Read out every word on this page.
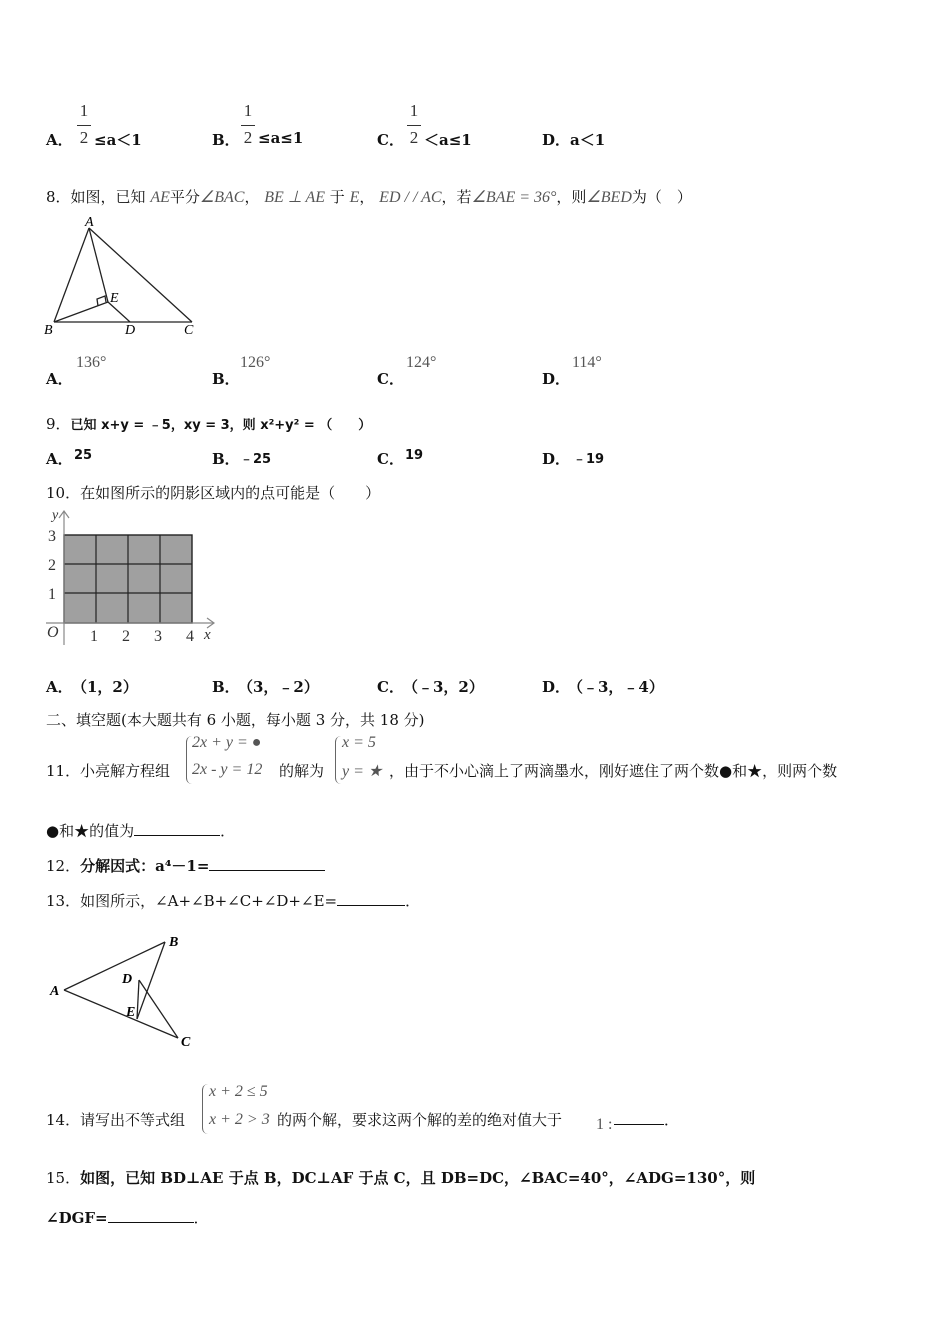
A．
1
2 ≤a＜1	B．
1
2 ≤a≤1	C．
1
2 ＜a≤1	D． a＜1
8．如图，已知 AE平分∠BAC， BE ⊥ AE 于 E， ED / / AC，若∠BAE = 36°，则∠BED为（　）
A
B	C
D
E
A．
136°
B．
126°
C．
124°
D．
114°
9．已知 x+y = ﹣5，xy = 3，则 x²+y² = （　　）
A． 25	B． ﹣25	C． 19	D． ﹣19
10．在如图所示的阴影区域内的点可能是（　　）
1 2 3 4 x
1
2
3
y
O
A． （1，2）	B．
（3，﹣2）	C． （﹣3，2）	D．
（﹣3，﹣4）
二、填空题(本大题共有 6 小题，每小题 3 分，共 18 分)
11． 小亮解方程组
2x + y = ●
2x - y = 12 的解为
x = 5
y = ★ ，由于不小心滴上了两滴墨水，刚好遮住了两个数●和★，则两个数
●和★的值为	．
12．分解因式：a⁴－1=
13．如图所示，∠A+∠B+∠C+∠D+∠E=	．
A
B
C
D
E
14． 请写出不等式组
x + 2 ≤ 5
x + 2 > 3 的两个解，要求这两个解的差的绝对值大于 1 :	．
15．如图，已知 BD⊥AE 于点 B，DC⊥AF 于点 C，且 DB=DC，∠BAC=40°，∠ADG=130°，则
∠DGF=	．
